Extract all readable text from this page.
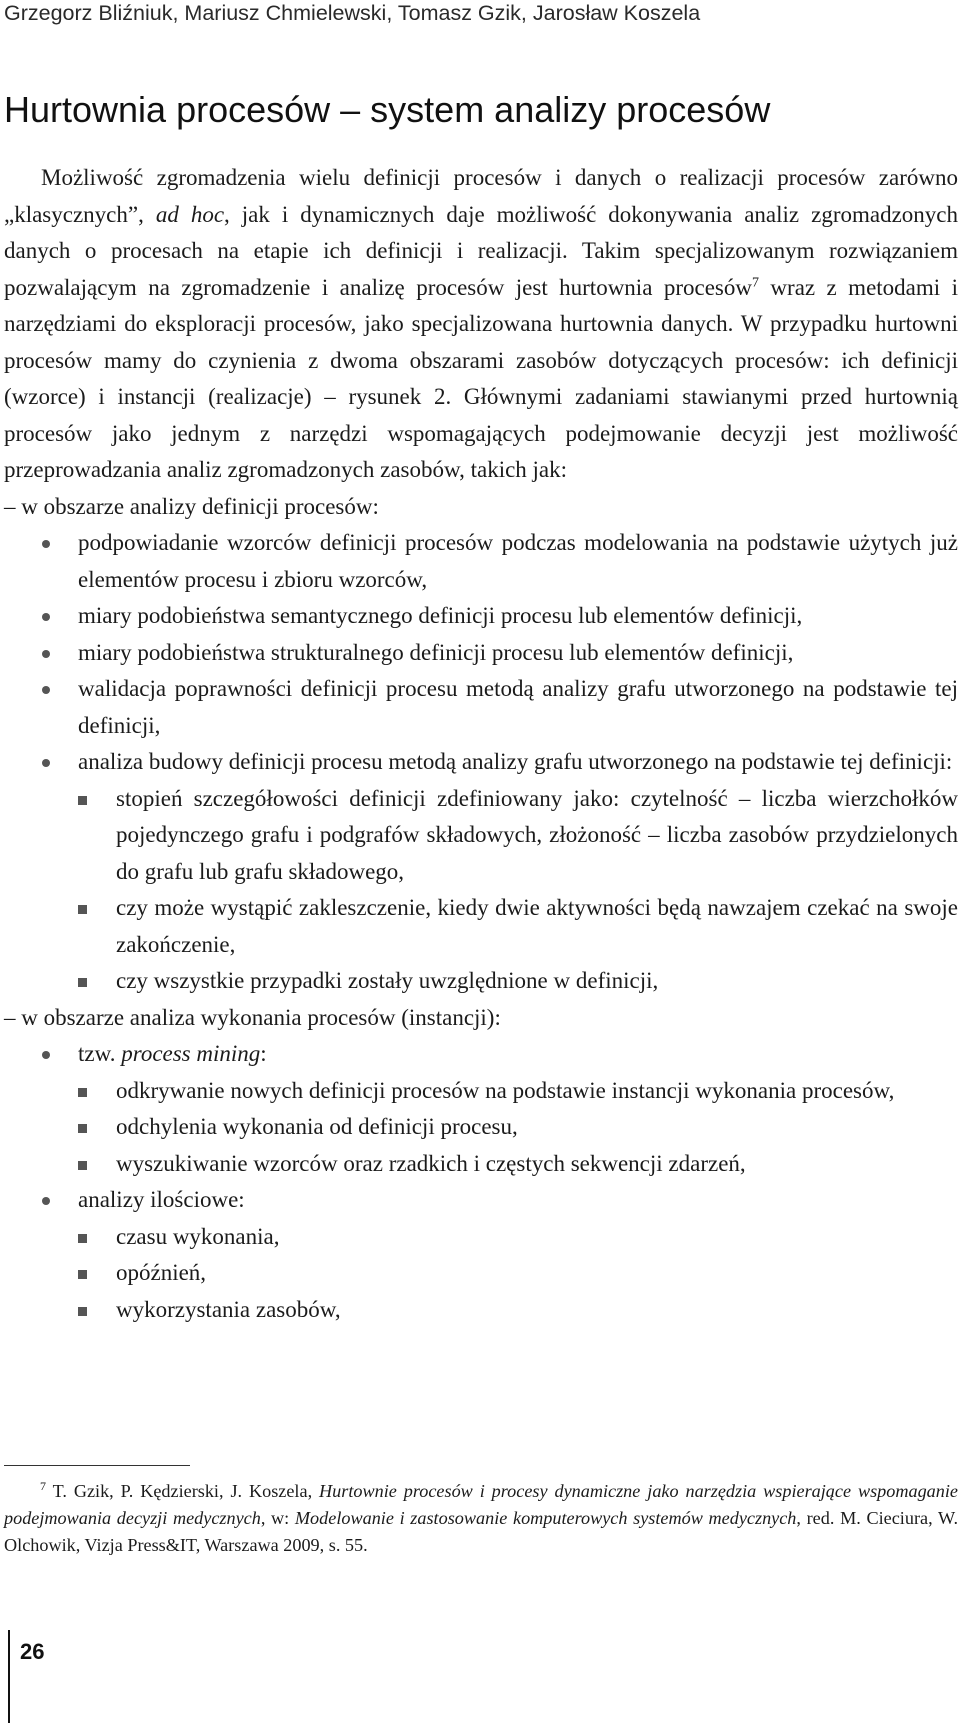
Grzegorz Bliźniuk, Mariusz Chmielewski, Tomasz Gzik, Jarosław Koszela
Hurtownia procesów – system analizy procesów

Możliwość zgromadzenia wielu definicji procesów i danych o realizacji procesów zarówno „klasycznych”, ad hoc, jak i dynamicznych daje możliwość dokonywania analiz zgromadzonych danych o procesach na etapie ich definicji i realizacji. Takim specjalizowanym rozwiązaniem pozwalającym na zgromadzenie i analizę procesów jest hurtownia procesów$^7$ wraz z metodami i narzędziami do eksploracji procesów, jako specjalizowana hurtownia danych. W przypadku hurtowni procesów mamy do czynienia z dwoma obszarami zasobów dotyczących procesów: ich definicji (wzorce) i instancji (realizacje) – rysunek 2. Głównymi zadaniami stawianymi przed hurtownią procesów jako jednym z narzędzi wspomagających podejmowanie decyzji jest możliwość przeprowadzania analiz zgromadzonych zasobów, takich jak:

– w obszarze analizy definicji procesów:

podpowiadanie wzorców definicji procesów podczas modelowania na podstawie użytych już elementów procesu i zbioru wzorców,
miary podobieństwa semantycznego definicji procesu lub elementów definicji,
miary podobieństwa strukturalnego definicji procesu lub elementów definicji,
walidacja poprawności definicji procesu metodą analizy grafu utworzonego na podstawie tej definicji,
analiza budowy definicji procesu metodą analizy grafu utworzonego na podstawie tej definicji:
stopień szczegółowości definicji zdefiniowany jako: czytelność – liczba wierzchołków pojedynczego grafu i podgrafów składowych, złożoność – liczba zasobów przydzielonych do grafu lub grafu składowego,
czy może wystąpić zakleszczenie, kiedy dwie aktywności będą nawzajem czekać na swoje zakończenie,
czy wszystkie przypadki zostały uwzględnione w definicji,

– w obszarze analiza wykonania procesów (instancji):

tzw. process mining:
odkrywanie nowych definicji procesów na podstawie instancji wykonania procesów,
odchylenia wykonania od definicji procesu,
wyszukiwanie wzorców oraz rzadkich i częstych sekwencji zdarzeń,
analizy ilościowe:
czasu wykonania,
opóźnień,
wykorzystania zasobów,
$^7$ T. Gzik, P. Kędzierski, J. Koszela, Hurtownie procesów i procesy dynamiczne jako narzędzia wspierające wspomaganie podejmowania decyzji medycznych, w: Modelowanie i zastosowanie komputerowych systemów medycznych, red. M. Cieciura, W. Olchowik, Vizja Press&IT, Warszawa 2009, s. 55.
26
